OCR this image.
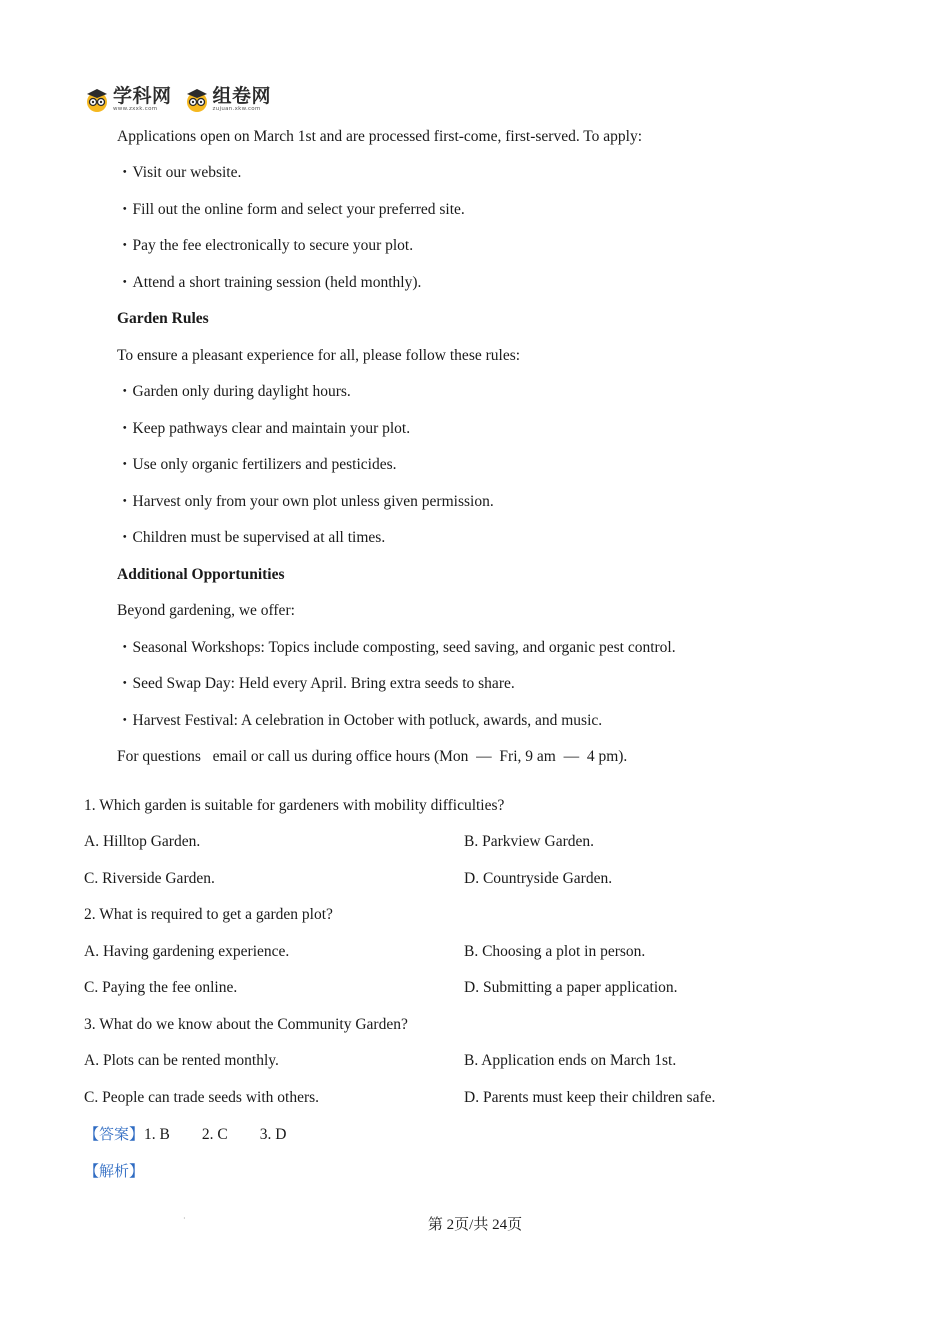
学科网
www.zxxk.com
组卷网
zujuan.xkw.com
Applications open on March 1st and are processed first-come, first-served. To apply:
・Visit our website.
・Fill out the online form and select your preferred site.
・Pay the fee electronically to secure your plot.
・Attend a short training session (held monthly).
Garden Rules
To ensure a pleasant experience for all, please follow these rules:
・Garden only during daylight hours.
・Keep pathways clear and maintain your plot.
・Use only organic fertilizers and pesticides.
・Harvest only from your own plot unless given permission.
・Children must be supervised at all times.
Additional Opportunities
Beyond gardening, we offer:
・Seasonal Workshops: Topics include composting, seed saving, and organic pest control.
・Seed Swap Day: Held every April. Bring extra seeds to share.
・Harvest Festival: A celebration in October with potluck, awards, and music.
For questions   email or call us during office hours (Mon  —  Fri, 9 am  —  4 pm).
1. Which garden is suitable for gardeners with mobility difficulties?
A. Hilltop Garden.	B. Parkview Garden.
C. Riverside Garden.	D. Countryside Garden.
2. What is required to get a garden plot?
A. Having gardening experience.	B. Choosing a plot in person.
C. Paying the fee online.	D. Submitting a paper application.
3. What do we know about the Community Garden?
A. Plots can be rented monthly.	B. Application ends on March 1st.
C. People can trade seeds with others.	D. Parents must keep their children safe.
【答案】1. B 2. C 3. D
【解析】
·	第 2页/共 24页
